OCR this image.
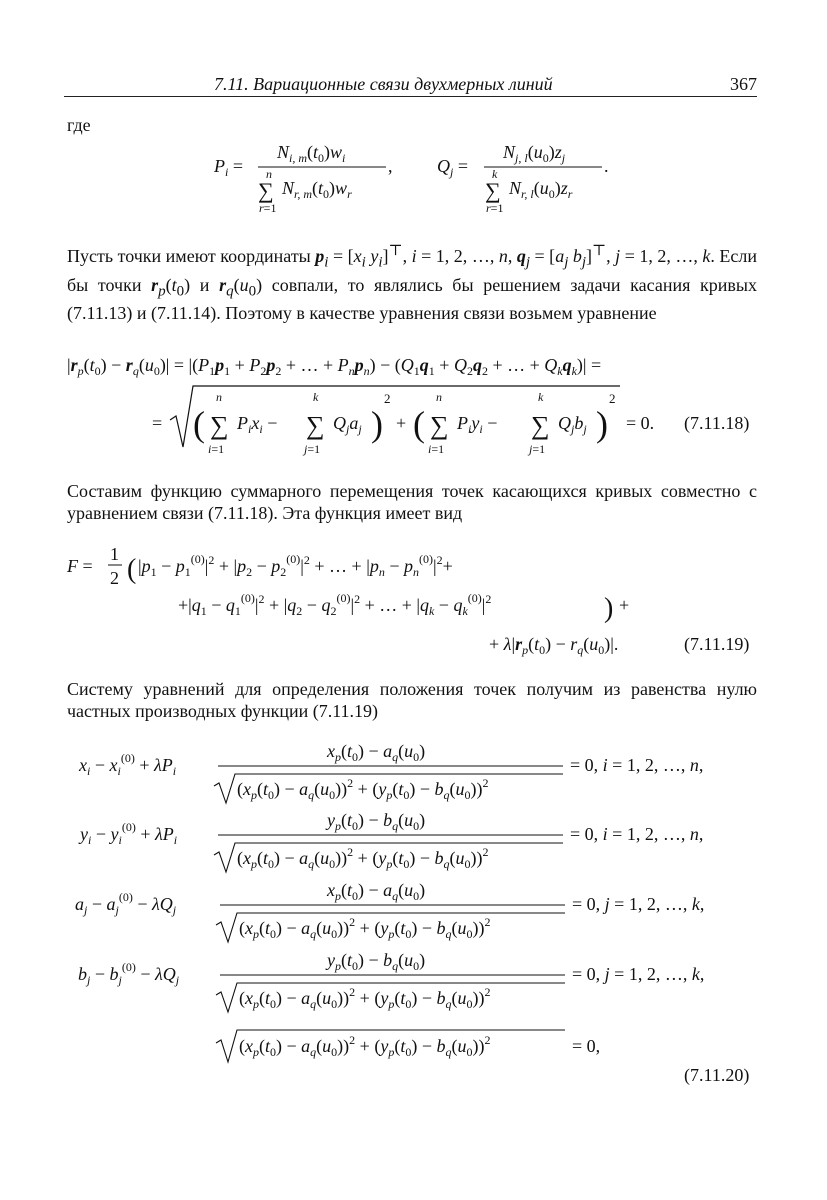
7.11. Вариационные связи двухмерных линий	367
где
Пусть точки имеют координаты $p_i = [x_i$ $y_i]^⊤$, i = 1, 2, …, n, $q_j = [a_j$ $b_j]^⊤$, j = 1, 2, …, k. Если бы точки $r_p(t_0)$ и $r_q(u_0)$ совпали, то являлись бы решением задачи касания кривых (7.11.13) и (7.11.14). Поэтому в качестве уравнения связи возьмем уравнение
Составим функцию суммарного перемещения точек касающихся кривых совместно с уравнением связи (7.11.18). Эта функция имеет вид
Систему уравнений для определения положения точек получим из равенства нулю частных производных функции (7.11.19)
$P_i$ =
$N_{i, m}(t_0)w_i$
n
∑
r=1
$N_{r, m}(t_0)w_r$
, $Q_j$ =
$N_{j, l}(u_0)z_j$
k
∑
r=1
$N_{r, l}(u_0)z_r$
.
$|r_p(t_0) - r_q(u_0)| = |(P_1p_1 + P_2p_2$ + … + $P_np_n) - (Q_1q_1 + Q_2q_2$ + … + $Q_kq_k)|$ =
= (
n
∑
i=1
$P_ix_i$ −
k
∑
j=1
$Q_ja_j$ )
2
+ (
n
∑
i=1
$P_iy_i$ −
k
∑
j=1
$Q_jb_j$ )
2
= 0. (7.11.18)
F =
1
2 ( $|p_1 - p_1^{(0)}|^2 + |p_2 - p_2^{(0)}|^2$ + … + $|p_n - p_n^{(0)}|^2+$
$+|q_1 - q_1^{(0)}|^2 + |q_2 - q_2^{(0)}|^2$ + … + $|q_k - q_k^{(0)}|^2$	) +
+ $\lambda|r_p(t_0) - r_q(u_0)|$.	(7.11.19)
$x_i - x_i^{(0)} + \lambda P_i$
$x_p(t_0) - a_q(u_0)$
$(x_p(t_0) - a_q(u_0))^2 + (y_p(t_0) - b_q(u_0))^2$
= 0, i = 1, 2, …, n,
$y_i - y_i^{(0)} + \lambda P_i$
$y_p(t_0) - b_q(u_0)$
$(x_p(t_0) - a_q(u_0))^2 + (y_p(t_0) - b_q(u_0))^2$
= 0, i = 1, 2, …, n,
$a_j - a_j^{(0)} - \lambda Q_j$
$x_p(t_0) - a_q(u_0)$
$(x_p(t_0) - a_q(u_0))^2 + (y_p(t_0) - b_q(u_0))^2$
= 0, j = 1, 2, …, k,
$b_j - b_j^{(0)} - \lambda Q_j$
$y_p(t_0) - b_q(u_0)$
$(x_p(t_0) - a_q(u_0))^2 + (y_p(t_0) - b_q(u_0))^2$
= 0, j = 1, 2, …, k,
$(x_p(t_0) - a_q(u_0))^2 + (y_p(t_0) - b_q(u_0))^2$	= 0,
(7.11.20)
